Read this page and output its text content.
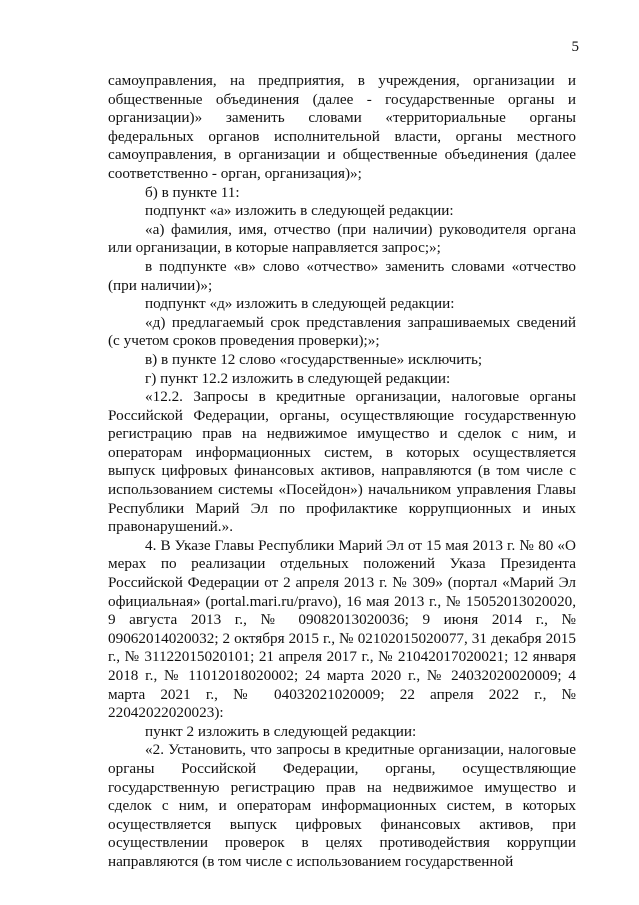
5

самоуправления, на предприятия, в учреждения, организации и общественные объединения (далее - государственные органы и организации)» заменить словами «территориальные органы федеральных органов исполнительной власти, органы местного самоуправления, в организации и общественные объединения (далее соответственно - орган, организация)»;

б) в пункте 11:

подпункт «а» изложить в следующей редакции:

«а) фамилия, имя, отчество (при наличии) руководителя органа или организации, в которые направляется запрос;»;

в подпункте «в» слово «отчество» заменить словами «отчество (при наличии)»;

подпункт «д» изложить в следующей редакции:

«д) предлагаемый срок представления запрашиваемых сведений (с учетом сроков проведения проверки);»;

в) в пункте 12 слово «государственные» исключить;

г) пункт 12.2 изложить в следующей редакции:

«12.2. Запросы в кредитные организации, налоговые органы Российской Федерации, органы, осуществляющие государственную регистрацию прав на недвижимое имущество и сделок с ним, и операторам информационных систем, в которых осуществляется выпуск цифровых финансовых активов, направляются (в том числе с использованием системы «Посейдон») начальником управления Главы Республики Марий Эл по профилактике коррупционных и иных правонарушений.».

4. В Указе Главы Республики Марий Эл от 15 мая 2013 г. № 80 «О мерах по реализации отдельных положений Указа Президента Российской Федерации от 2 апреля 2013 г. № 309» (портал «Марий Эл официальная» (portal.mari.ru/pravo), 16 мая 2013 г., № 15052013020020, 9 августа 2013 г., № 09082013020036; 9 июня 2014 г., № 09062014020032; 2 октября 2015 г., № 02102015020077, 31 декабря 2015 г., № 31122015020101; 21 апреля 2017 г., № 21042017020021; 12 января 2018 г., № 11012018020002; 24 марта 2020 г., № 24032020020009; 4 марта 2021 г., № 04032021020009; 22 апреля 2022 г., № 22042022020023):

пункт 2 изложить в следующей редакции:

«2. Установить, что запросы в кредитные организации, налоговые органы Российской Федерации, органы, осуществляющие государственную регистрацию прав на недвижимое имущество и сделок с ним, и операторам информационных систем, в которых осуществляется выпуск цифровых финансовых активов, при осуществлении проверок в целях противодействия коррупции направляются (в том числе с использованием государственной
